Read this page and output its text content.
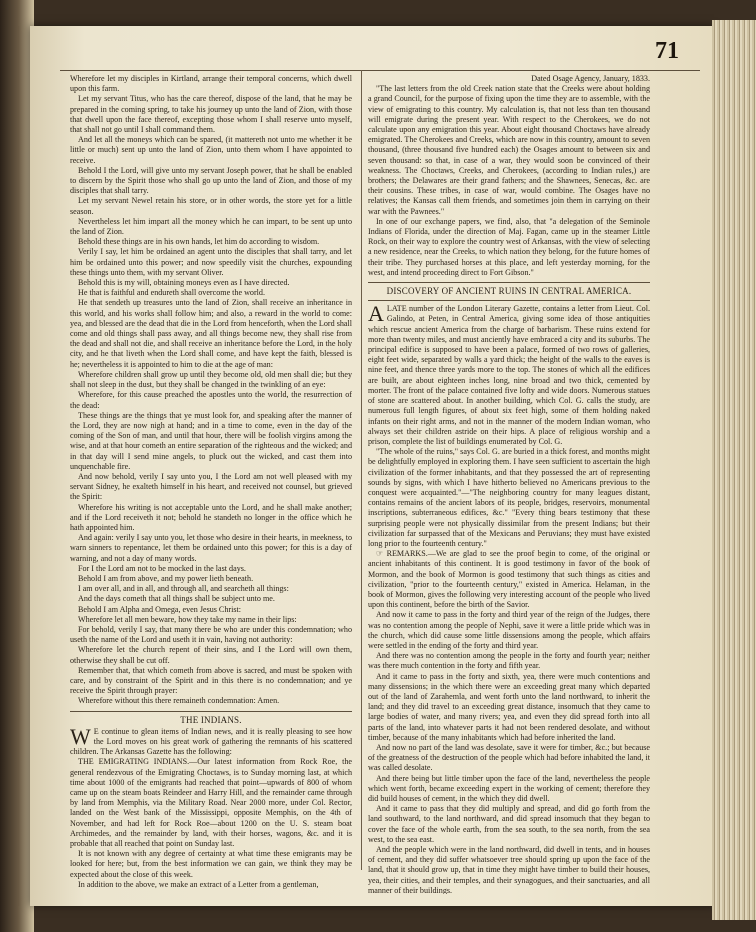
71

Wherefore let my disciples in Kirtland, arrange their temporal concerns, which dwell upon this farm.

Let my servant Titus, who has the care thereof, dispose of the land, that he may be prepared in the coming spring, to take his journey up unto the land of Zion, with those that dwell upon the face thereof, excepting those whom I shall reserve unto myself, that shall not go until I shall command them.

And let all the moneys which can be spared, (it mattereth not unto me whether it be little or much) sent up unto the land of Zion, unto them whom I have appointed to receive.

Behold I the Lord, will give unto my servant Joseph power, that he shall be enabled to discern by the Spirit those who shall go up unto the land of Zion, and those of my disciples that shall tarry.

Let my servant Newel retain his store, or in other words, the store yet for a little season.

Nevertheless let him impart all the money which he can impart, to be sent up unto the land of Zion.

Behold these things are in his own hands, let him do according to wisdom.

Verily I say, let him be ordained an agent unto the disciples that shall tarry, and let him be ordained unto this power; and now speedily visit the churches, expounding these things unto them, with my servant Oliver.

Behold this is my will, obtaining moneys even as I have directed.

He that is faithful and endureth shall overcome the world.

He that sendeth up treasures unto the land of Zion, shall receive an inheritance in this world, and his works shall follow him; and also, a reward in the world to come: yea, and blessed are the dead that die in the Lord from henceforth, when the Lord shall come and old things shall pass away, and all things become new, they shall rise from the dead and shall not die, and shall receive an inheritance before the Lord, in the holy city, and he that liveth when the Lord shall come, and have kept the faith, blessed is he; nevertheless it is appointed to him to die at the age of man:

Wherefore children shall grow up until they become old, old men shall die; but they shall not sleep in the dust, but they shall be changed in the twinkling of an eye:

Wherefore, for this cause preached the apostles unto the world, the resurrection of the dead:

These things are the things that ye must look for, and speaking after the manner of the Lord, they are now nigh at hand; and in a time to come, even in the day of the coming of the Son of man, and until that hour, there will be foolish virgins among the wise, and at that hour cometh an entire separation of the righteous and the wicked; and in that day will I send mine angels, to pluck out the wicked, and cast them into unquenchable fire.

And now behold, verily I say unto you, I the Lord am not well pleased with my servant Sidney, he exalteth himself in his heart, and received not counsel, but grieved the Spirit:

Wherefore his writing is not acceptable unto the Lord, and he shall make another; and if the Lord receiveth it not; behold he standeth no longer in the office which he hath appointed him.

And again: verily I say unto you, let those who desire in their hearts, in meekness, to warn sinners to repentance, let them be ordained unto this power; for this is a day of warning, and not a day of many words.

For I the Lord am not to be mocked in the last days.

Behold I am from above, and my power lieth beneath.

I am over all, and in all, and through all, and searcheth all things:

And the days cometh that all things shall be subject unto me.

Behold I am Alpha and Omega, even Jesus Christ:

Wherefore let all men beware, how they take my name in their lips:

For behold, verily I say, that many there be who are under this condemnation; who useth the name of the Lord and useth it in vain, having not authority:

Wherefore let the church repent of their sins, and I the Lord will own them, otherwise they shall be cut off.

Remember that, that which cometh from above is sacred, and must be spoken with care, and by constraint of the Spirit and in this there is no condemnation; and ye receive the Spirit through prayer:

Wherefore without this there remaineth condemnation: Amen.

THE INDIANS.

W E continue to glean items of Indian news, and it is really pleasing to see how the Lord moves on his great work of gathering the remnants of his scattered children. The Arkansas Gazette has the following:

THE EMIGRATING INDIANS.—Our latest information from Rock Roe, the general rendezvous of the Emigrating Choctaws, is to Sunday morning last, at which time about 1000 of the emigrants had reached that point—upwards of 800 of whom came up on the steam boats Reindeer and Harry Hill, and the remainder came through by land from Memphis, via the Military Road. Near 2000 more, under Col. Rector, landed on the West bank of the Mississippi, opposite Memphis, on the 4th of November, and had left for Rock Roe—about 1200 on the U. S. steam boat Archimedes, and the remainder by land, with their horses, wagons, &c. and it is probable that all reached that point on Sunday last.

It is not known with any degree of certainty at what time these emigrants may be looked for here; but, from the best information we can gain, we think they may be expected about the close of this week.

In addition to the above, we make an extract of a Letter from a gentleman,

Dated Osage Agency, January, 1833.

"The last letters from the old Creek nation state that the Creeks were about holding a grand Council, for the purpose of fixing upon the time they are to assemble, with the view of emigrating to this country. My calculation is, that not less than ten thousand will emigrate during the present year. With respect to the Cherokees, we do not calculate upon any emigration this year. About eight thousand Choctaws have already emigrated. The Cherokees and Creeks, which are now in this country, amount to seven thousand, (three thousand five hundred each) the Osages amount to between six and seven thousand: so that, in case of a war, they would soon be convinced of their weakness. The Choctaws, Creeks, and Cherokees, (according to Indian rules,) are brothers; the Delawares are their grand fathers; and the Shawnees, Senecas, &c. are their cousins. These tribes, in case of war, would combine. The Osages have no relatives; the Kansas call them friends, and sometimes join them in carrying on their war with the Pawnees."

In one of our exchange papers, we find, also, that "a delegation of the Seminole Indians of Florida, under the direction of Maj. Fagan, came up in the steamer Little Rock, on their way to explore the country west of Arkansas, with the view of selecting a new residence, near the Creeks, to which nation they belong, for the future homes of their tribe. They purchased horses at this place, and left yesterday morning, for the west, and intend proceeding direct to Fort Gibson."

DISCOVERY OF ANCIENT RUINS IN CENTRAL AMERICA.

ALATE number of the London Literary Gazette, contains a letter from Lieut. Col. Galindo, at Peten, in Central America, giving some idea of those antiquities which rescue ancient America from the charge of barbarism. These ruins extend for more than twenty miles, and must anciently have embraced a city and its suburbs. The principal edifice is supposed to have been a palace, formed of two rows of galleries, eight feet wide, separated by walls a yard thick; the height of the walls to the eaves is nine feet, and thence three yards more to the top. The stones of which all the edifices are built, are about eighteen inches long, nine broad and two thick, cemented by morter. The front of the palace contained five lofty and wide doors. Numerous statues of stone are scattered about. In another building, which Col. G. calls the study, are numerous full length figures, of about six feet high, some of them holding naked infants on their right arms, and not in the manner of the modern Indian woman, who always set their children astride on their hips. A place of religious worship and a prison, complete the list of buildings enumerated by Col. G.

"The whole of the ruins," says Col. G. are buried in a thick forest, and months might be delightfully employed in exploring them. I have seen sufficient to ascertain the high civilization of the former inhabitants, and that they possessed the art of representing sounds by signs, with which I have hitherto believed no Americans previous to the conquest were acquainted."—"The neighboring country for many leagues distant, contains remains of the ancient labors of its people, bridges, reservoirs, monumental inscriptions, subterraneous edifices, &c." "Every thing bears testimony that these surprising people were not physically dissimilar from the present Indians; but their civilization far surpassed that of the Mexicans and Peruvians; they must have existed long prior to the fourteenth century."

☞ REMARKS.—We are glad to see the proof begin to come, of the original or ancient inhabitants of this continent. It is good testimony in favor of the book of Mormon, and the book of Mormon is good testimony that such things as cities and civilization, "prior to the fourteenth century," existed in America. Helaman, in the book of Mormon, gives the following very interesting account of the people who lived upon this continent, before the birth of the Savior.

And now it came to pass in the forty and third year of the reign of the Judges, there was no contention among the people of Nephi, save it were a little pride which was in the church, which did cause some little dissensions among the people, which affairs were settled in the ending of the forty and third year.

And there was no contention among the people in the forty and fourth year; neither was there much contention in the forty and fifth year.

And it came to pass in the forty and sixth, yea, there were much contentions and many dissensions; in the which there were an exceeding great many which departed out of the land of Zarahemla, and went forth unto the land northward, to inherit the land; and they did travel to an exceeding great distance, insomuch that they came to large bodies of water, and many rivers; yea, and even they did spread forth into all parts of the land, into whatever parts it had not been rendered desolate, and without timber, because of the many inhabitants which had before inherited the land.

And now no part of the land was desolate, save it were for timber, &c.; but because of the greatness of the destruction of the people which had before inhabited the land, it was called desolate.

And there being but little timber upon the face of the land, nevertheless the people which went forth, became exceeding expert in the working of cement; therefore they did build houses of cement, in the which they did dwell.

And it came to pass that they did multiply and spread, and did go forth from the land southward, to the land northward, and did spread insomuch that they began to cover the face of the whole earth, from the sea south, to the sea north, from the sea west, to the sea east.

And the people which were in the land northward, did dwell in tents, and in houses of cement, and they did suffer whatsoever tree should spring up upon the face of the land, that it should grow up, that in time they might have timber to build their houses, yea, their cities, and their temples, and their synagogues, and their sanctuaries, and all manner of their buildings.
